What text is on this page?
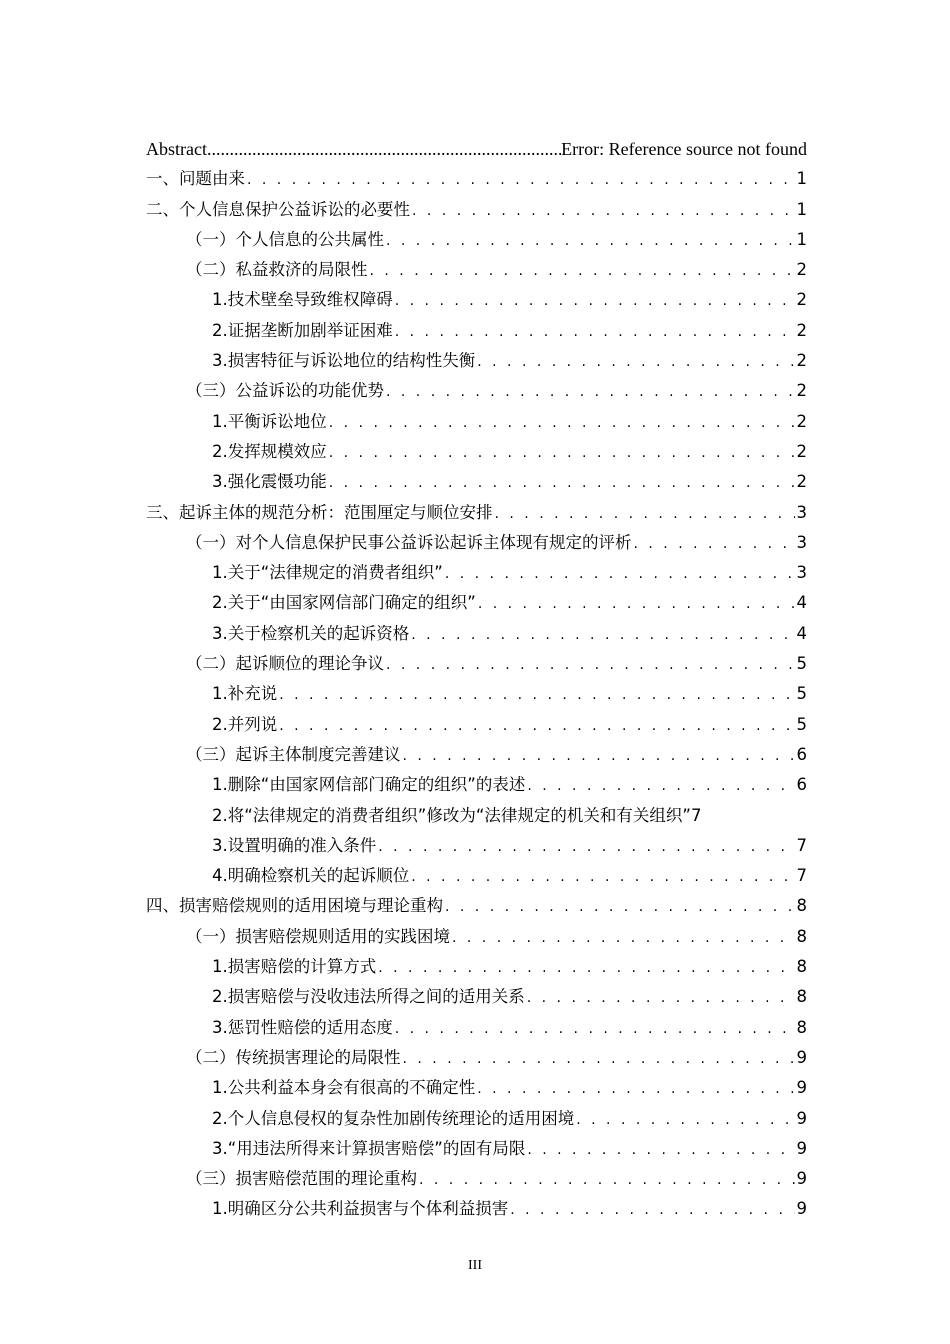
Abstract .....	Error: Reference source not found
一、问题由来 . . .	1
二、个人信息保护公益诉讼的必要性 . . .	1
（一）个人信息的公共属性 . . .	1
（二）私益救济的局限性 . . .	2
1.技术壁垒导致维权障碍 . . .	2
2.证据垄断加剧举证困难 . . .	2
3.损害特征与诉讼地位的结构性失衡 . . .	2
（三）公益诉讼的功能优势 . . .	2
1.平衡诉讼地位 . . .	2
2.发挥规模效应 . . .	2
3.强化震慑功能 . . .	2
三、起诉主体的规范分析：范围厘定与顺位安排 . . .	3
（一）对个人信息保护民事公益诉讼起诉主体现有规定的评析 . . .	3
1.关于“法律规定的消费者组织” . . .	3
2.关于“由国家网信部门确定的组织” . . .	4
3.关于检察机关的起诉资格 . . .	4
（二）起诉顺位的理论争议 . . .	5
1.补充说 . . .	5
2.并列说 . . .	5
（三）起诉主体制度完善建议 . . .	6
1.删除“由国家网信部门确定的组织”的表述 . . .	6
2.将“法律规定的消费者组织”修改为“法律规定的机关和有关组织” 7
3.设置明确的准入条件 . . .	7
4.明确检察机关的起诉顺位 . . .	7
四、损害赔偿规则的适用困境与理论重构 . . .	8
（一）损害赔偿规则适用的实践困境 . . .	8
1.损害赔偿的计算方式 . . .	8
2.损害赔偿与没收违法所得之间的适用关系 . . .	8
3.惩罚性赔偿的适用态度 . . .	8
（二）传统损害理论的局限性 . . .	9
1.公共利益本身会有很高的不确定性 . . .	9
2.个人信息侵权的复杂性加剧传统理论的适用困境 . . .	9
3.“用违法所得来计算损害赔偿”的固有局限 . . .	9
（三）损害赔偿范围的理论重构 . . .	9
1.明确区分公共利益损害与个体利益损害 . . .	9
III
